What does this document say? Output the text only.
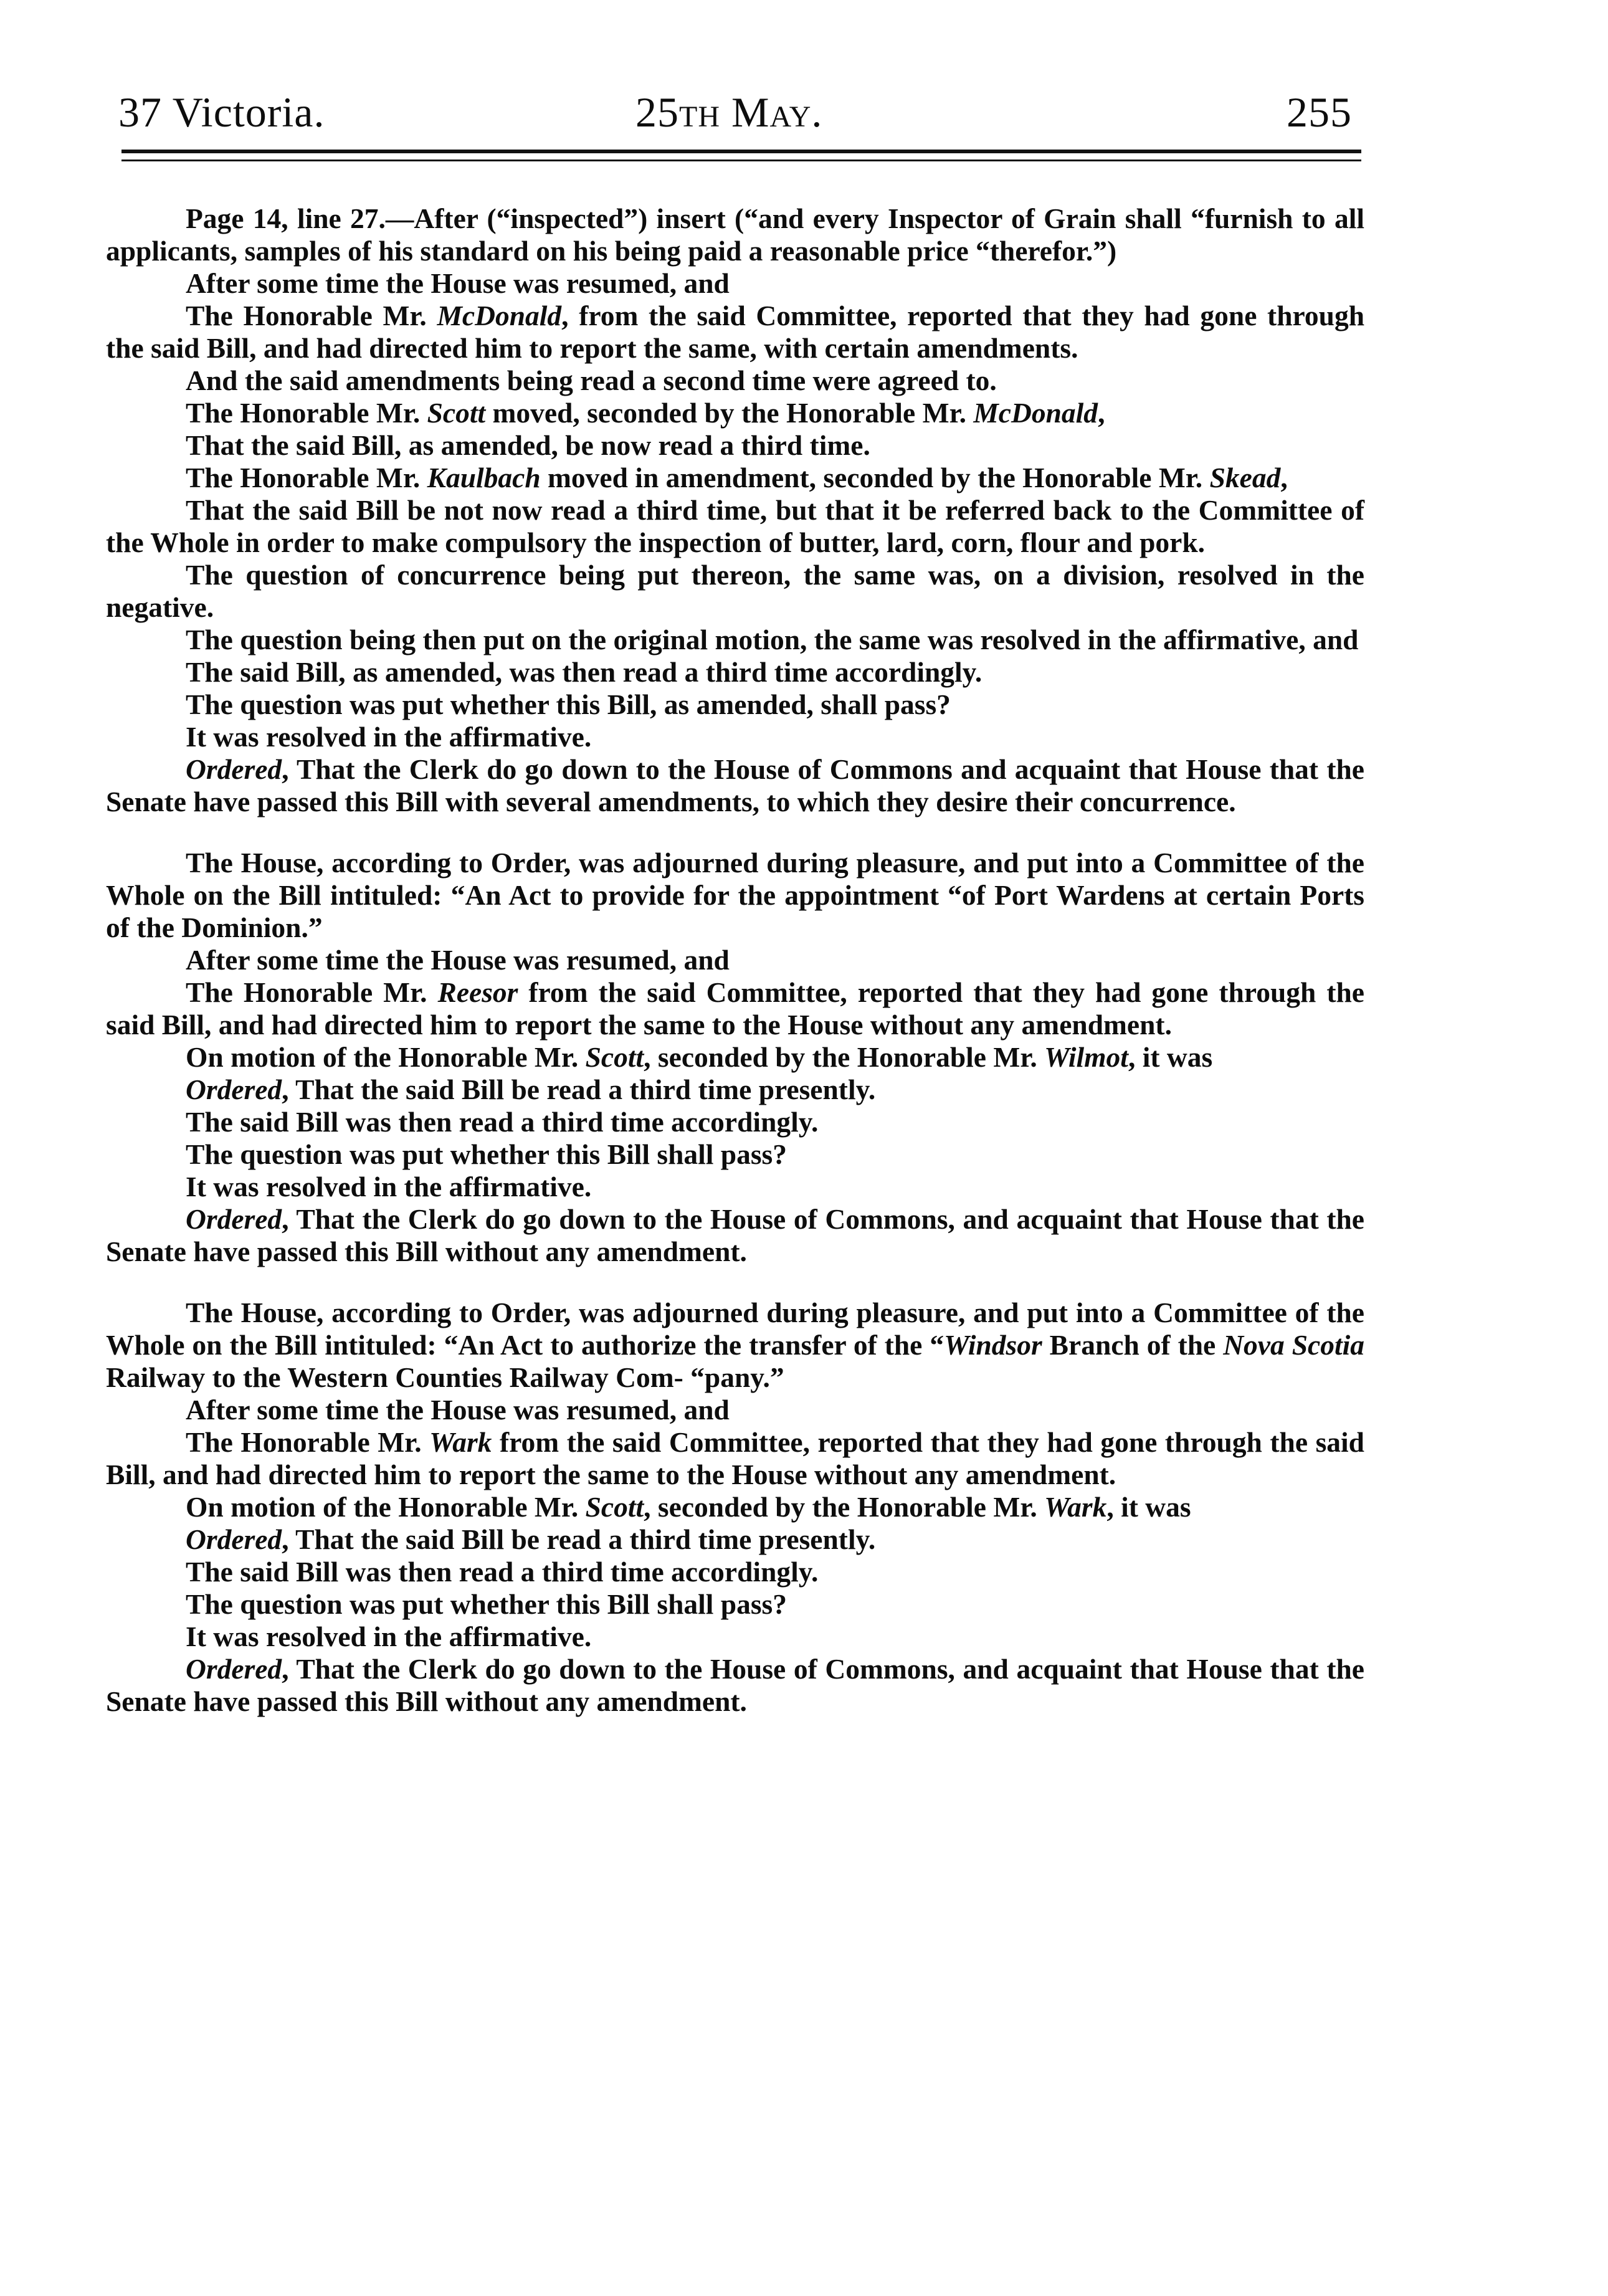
37 Victoria.	25th May.	255

Page 14, line 27.—After (“inspected”) insert (“and every Inspector of Grain shall “furnish to all applicants, samples of his standard on his being paid a reasonable price “therefor.”)

After some time the House was resumed, and

The Honorable Mr. McDonald, from the said Committee, reported that they had gone through the said Bill, and had directed him to report the same, with certain amendments.

And the said amendments being read a second time were agreed to.

The Honorable Mr. Scott moved, seconded by the Honorable Mr. McDonald,

That the said Bill, as amended, be now read a third time.

The Honorable Mr. Kaulbach moved in amendment, seconded by the Honorable Mr. Skead,

That the said Bill be not now read a third time, but that it be referred back to the Committee of the Whole in order to make compulsory the inspection of butter, lard, corn, flour and pork.

The question of concurrence being put thereon, the same was, on a division, resolved in the negative.

The question being then put on the original motion, the same was resolved in the affirmative, and

The said Bill, as amended, was then read a third time accordingly.

The question was put whether this Bill, as amended, shall pass?

It was resolved in the affirmative.

Ordered, That the Clerk do go down to the House of Commons and acquaint that House that the Senate have passed this Bill with several amendments, to which they desire their concurrence.

The House, according to Order, was adjourned during pleasure, and put into a Committee of the Whole on the Bill intituled: “An Act to provide for the appointment “of Port Wardens at certain Ports of the Dominion.”

After some time the House was resumed, and

The Honorable Mr. Reesor from the said Committee, reported that they had gone through the said Bill, and had directed him to report the same to the House without any amendment.

On motion of the Honorable Mr. Scott, seconded by the Honorable Mr. Wilmot, it was

Ordered, That the said Bill be read a third time presently.

The said Bill was then read a third time accordingly.

The question was put whether this Bill shall pass?

It was resolved in the affirmative.

Ordered, That the Clerk do go down to the House of Commons, and acquaint that House that the Senate have passed this Bill without any amendment.

The House, according to Order, was adjourned during pleasure, and put into a Committee of the Whole on the Bill intituled: “An Act to authorize the transfer of the “Windsor Branch of the Nova Scotia Railway to the Western Counties Railway Com- “pany.”

After some time the House was resumed, and

The Honorable Mr. Wark from the said Committee, reported that they had gone through the said Bill, and had directed him to report the same to the House without any amendment.

On motion of the Honorable Mr. Scott, seconded by the Honorable Mr. Wark, it was

Ordered, That the said Bill be read a third time presently.

The said Bill was then read a third time accordingly.

The question was put whether this Bill shall pass?

It was resolved in the affirmative.

Ordered, That the Clerk do go down to the House of Commons, and acquaint that House that the Senate have passed this Bill without any amendment.
